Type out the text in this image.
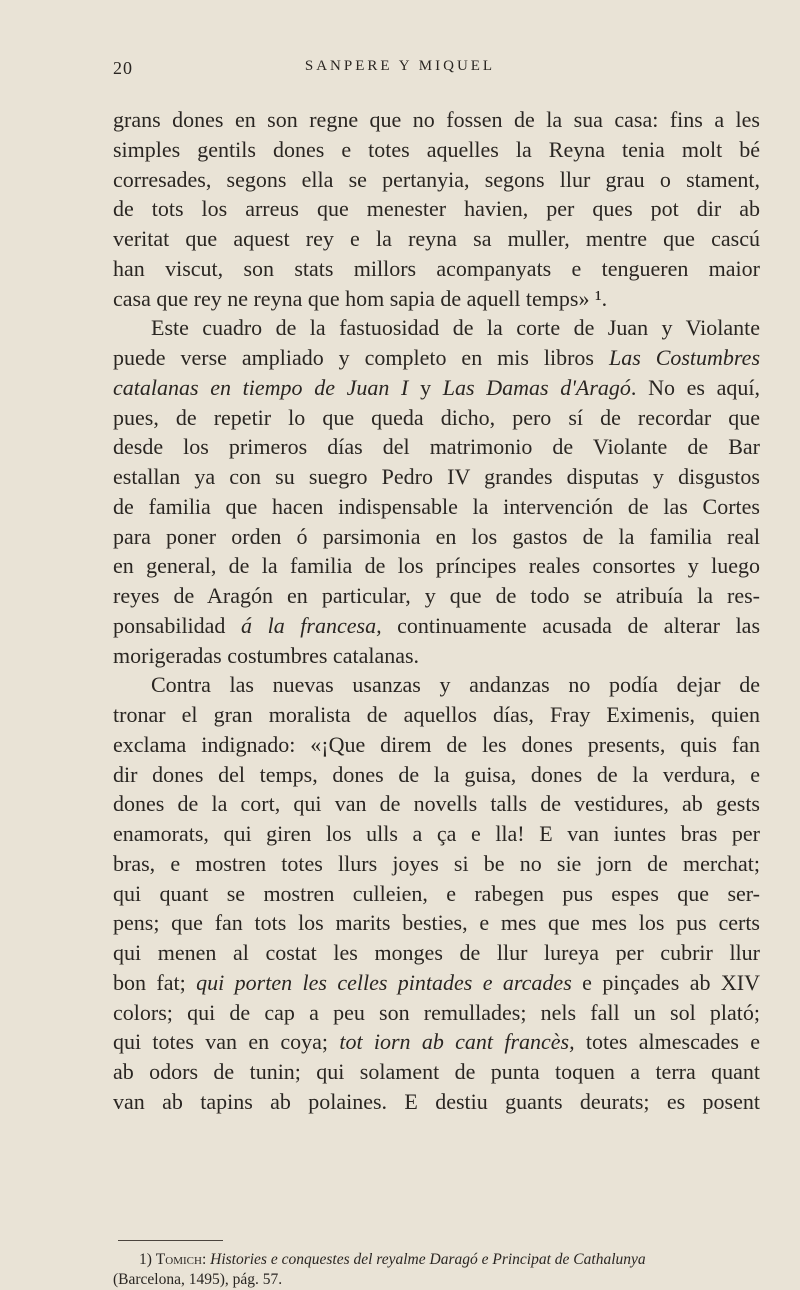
20	SANPERE Y MIQUEL
grans dones en son regne que no fossen de la sua casa: fins a les
simples gentils dones e totes aquelles la Reyna tenia molt bé
corresades, segons ella se pertanyia, segons llur grau o stament,
de tots los arreus que menester havien, per ques pot dir ab
veritat que aquest rey e la reyna sa muller, mentre que cascú
han viscut, son stats millors acompanyats e tengueren maior
casa que rey ne reyna que hom sapia de aquell temps» ¹.
Este cuadro de la fastuosidad de la corte de Juan y Violante
puede verse ampliado y completo en mis libros Las Costumbres
catalanas en tiempo de Juan I y Las Damas d'Aragó. No es aquí,
pues, de repetir lo que queda dicho, pero sí de recordar que
desde los primeros días del matrimonio de Violante de Bar
estallan ya con su suegro Pedro IV grandes disputas y disgustos
de familia que hacen indispensable la intervención de las Cortes
para poner orden ó parsimonia en los gastos de la familia real
en general, de la familia de los príncipes reales consortes y luego
reyes de Aragón en particular, y que de todo se atribuía la res-
ponsabilidad á la francesa, continuamente acusada de alterar las
morigeradas costumbres catalanas.
Contra las nuevas usanzas y andanzas no podía dejar de
tronar el gran moralista de aquellos días, Fray Eximenis, quien
exclama indignado: «¡Que direm de les dones presents, quis fan
dir dones del temps, dones de la guisa, dones de la verdura, e
dones de la cort, qui van de novells talls de vestidures, ab gests
enamorats, qui giren los ulls a ça e lla! E van iuntes bras per
bras, e mostren totes llurs joyes si be no sie jorn de merchat;
qui quant se mostren culleien, e rabegen pus espes que ser-
pens; que fan tots los marits besties, e mes que mes los pus certs
qui menen al costat les monges de llur lureya per cubrir llur
bon fat; qui porten les celles pintades e arcades e pinçades ab XIV
colors; qui de cap a peu son remullades; nels fall un sol plató;
qui totes van en coya; tot iorn ab cant francès, totes almescades e
ab odors de tunin; qui solament de punta toquen a terra quant
van ab tapins ab polaines. E destiu guants deurats; es posent
1) Tomich: Histories e conquestes del reyalme Daragó e Principat de Cathalunya
(Barcelona, 1495), pág. 57.
